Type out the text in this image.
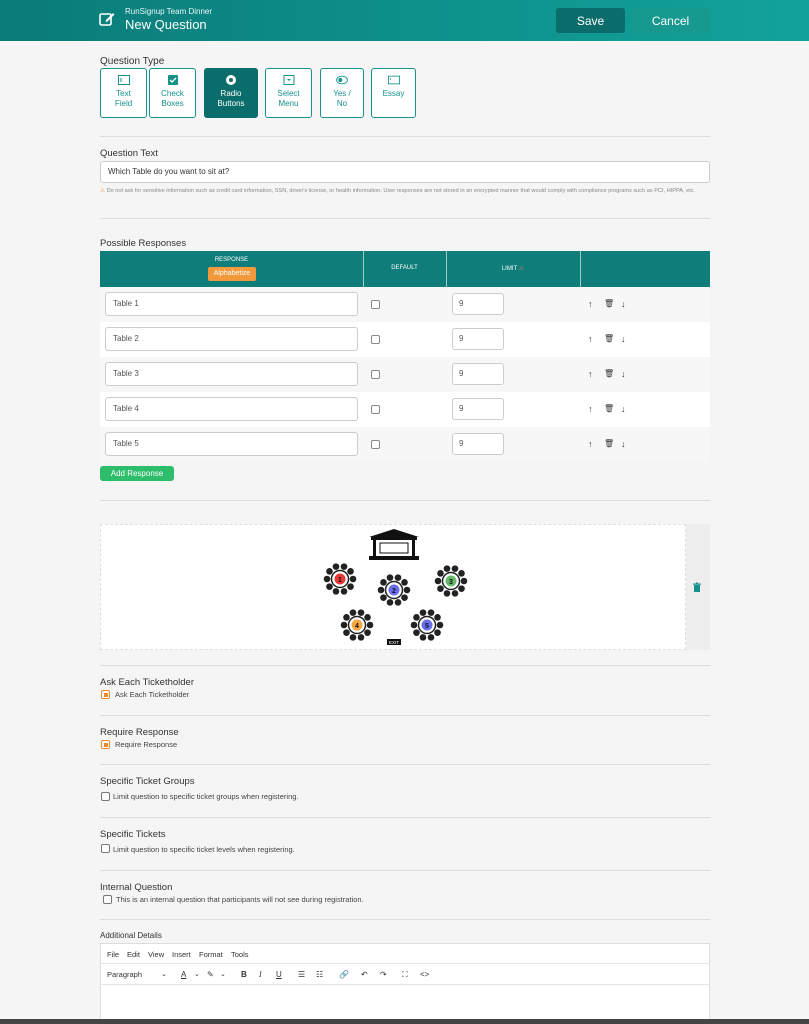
RunSignup Team Dinner
New Question	Save	Cancel
Question Type
Text
Field
Check
Boxes
Radio
Buttons
Select
Menu
Yes /
No
Essay
Question Text
Which Table do you want to sit at?
⚠ Do not ask for sensitive information such as credit card information, SSN, driver's license, or health information. User responses are not stored in an encrypted manner that would comply with compliance programs such as PCI, HIPPA, etc.
Possible Responses
RESPONSE
DEFAULT	LIMIT ⚠
Alphabetize
Table 1	9	↑ 🗑 ↓
Table 2	9	↑ 🗑 ↓
Table 3	9	↑ 🗑 ↓
Table 4	9	↑ 🗑 ↓
Table 5	9	↑ 🗑 ↓
Add Response
1
2
3
4	5
EXIT
Ask Each Ticketholder
Ask Each Ticketholder
Require Response
Require Response
Specific Ticket Groups
Limit question to specific ticket groups when registering.
Specific Tickets
Limit question to specific ticket levels when registering.
Internal Question
This is an internal question that participants will not see during registration.
Additional Details
File Edit View Insert Format Tools
Paragraph	⌄ A ⌄ ✎ ⌄ B I U ☰ ☷ 🔗 ↶ ↷ ⛶ <>
